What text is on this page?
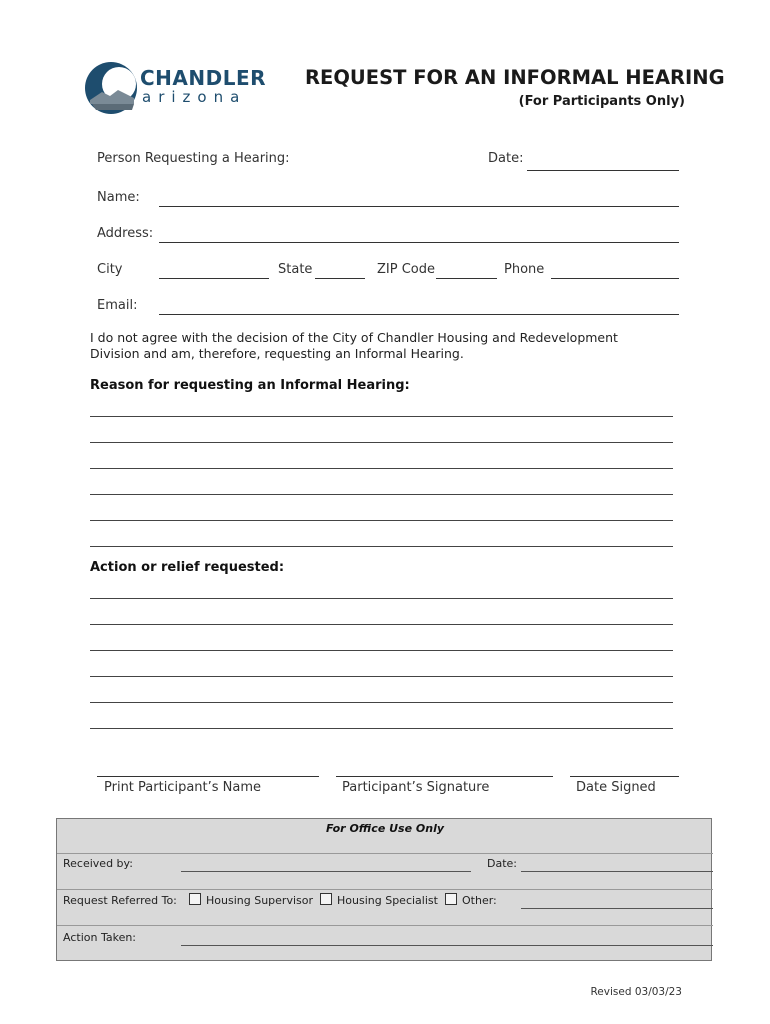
CHANDLER
arizona
REQUEST FOR AN INFORMAL HEARING
(For Participants Only)
Person Requesting a Hearing:	Date:
Name:
Address:
City	State	ZIP Code	Phone
Email:
I do not agree with the decision of the City of Chandler Housing and Redevelopment Division and am, therefore, requesting an Informal Hearing.
Reason for requesting an Informal Hearing:
Action or relief requested:
Print Participant’s Name	Participant’s Signature	Date Signed
For Office Use Only
Received by:	Date:
Request Referred To:	Housing Supervisor Housing Specialist Other:
Action Taken:
Revised 03/03/23
